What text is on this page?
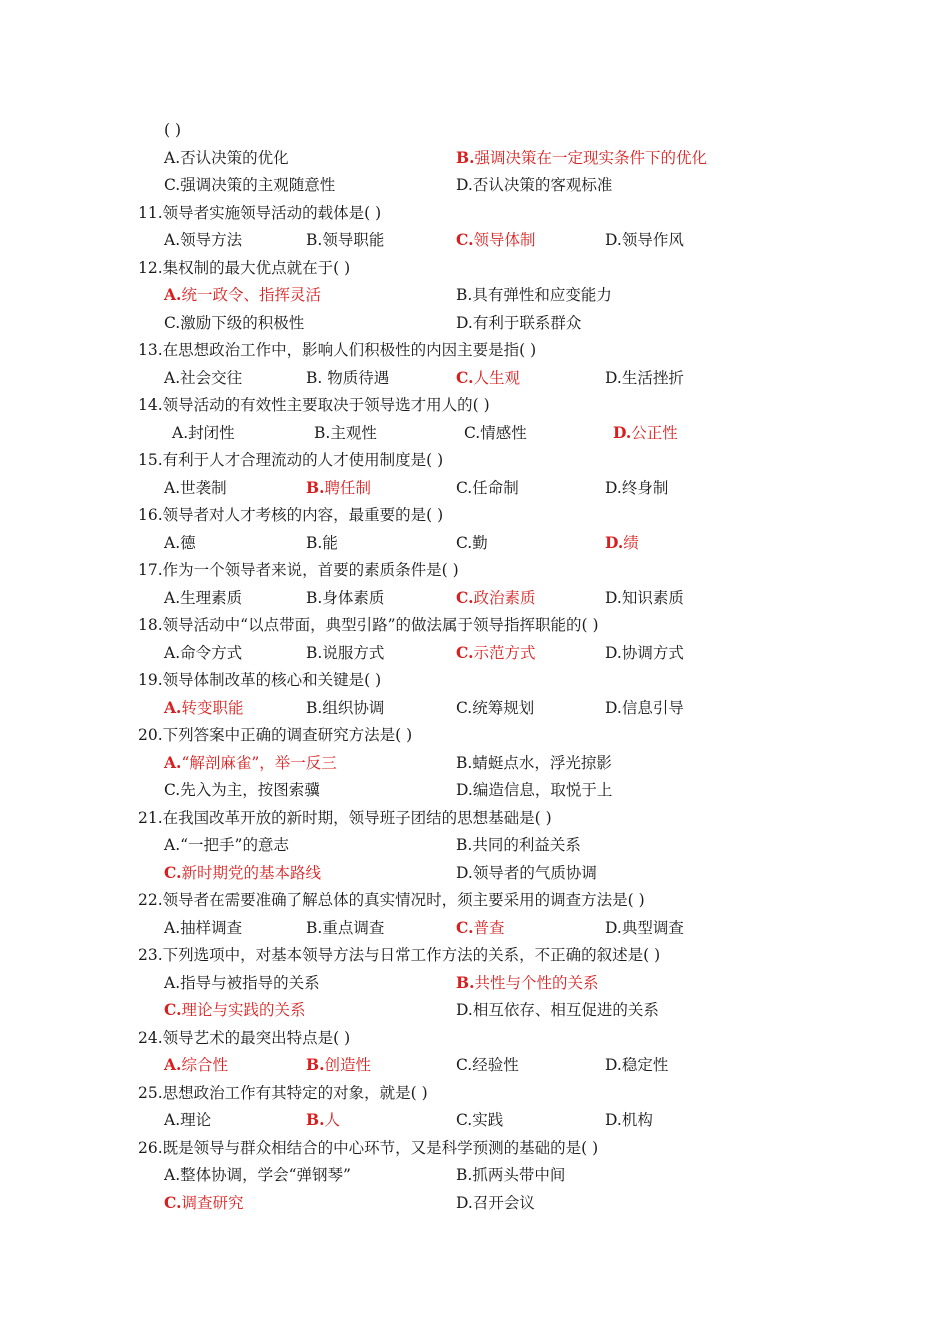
( )
A.否认决策的优化	B.强调决策在一定现实条件下的优化
C.强调决策的主观随意性	D.否认决策的客观标准
11.领导者实施领导活动的载体是( )
A.领导方法	B.领导职能	C.领导体制	D.领导作风
12.集权制的最大优点就在于( )
A.统一政令、指挥灵活	B.具有弹性和应变能力
C.激励下级的积极性	D.有利于联系群众
13.在思想政治工作中，影响人们积极性的内因主要是指( )
A.社会交往	B. 物质待遇	C.人生观	D.生活挫折
14.领导活动的有效性主要取决于领导选才用人的( )
A.封闭性	B.主观性	C.情感性	D.公正性
15.有利于人才合理流动的人才使用制度是( )
A.世袭制	B.聘任制	C.任命制	D.终身制
16.领导者对人才考核的内容，最重要的是( )
A.德	B.能	C.勤	D.绩
17.作为一个领导者来说，首要的素质条件是( )
A.生理素质	B.身体素质	C.政治素质	D.知识素质
18.领导活动中“以点带面，典型引路”的做法属于领导指挥职能的( )
A.命令方式	B.说服方式	C.示范方式	D.协调方式
19.领导体制改革的核心和关键是( )
A.转变职能	B.组织协调	C.统筹规划	D.信息引导
20.下列答案中正确的调查研究方法是( )
A.“解剖麻雀”，举一反三	B.蜻蜓点水，浮光掠影
C.先入为主，按图索骥	D.编造信息，取悦于上
21.在我国改革开放的新时期，领导班子团结的思想基础是( )
A.“一把手”的意志	B.共同的利益关系
C.新时期党的基本路线	D.领导者的气质协调
22.领导者在需要准确了解总体的真实情况时，须主要采用的调查方法是( )
A.抽样调查	B.重点调查	C.普查	D.典型调查
23.下列选项中，对基本领导方法与日常工作方法的关系，不正确的叙述是( )
A.指导与被指导的关系	B.共性与个性的关系
C.理论与实践的关系	D.相互依存、相互促进的关系
24.领导艺术的最突出特点是( )
A.综合性	B.创造性	C.经验性	D.稳定性
25.思想政治工作有其特定的对象，就是( )
A.理论	B.人	C.实践	D.机构
26.既是领导与群众相结合的中心环节，又是科学预测的基础的是( )
A.整体协调，学会“弹钢琴”	B.抓两头带中间
C.调查研究	D.召开会议
